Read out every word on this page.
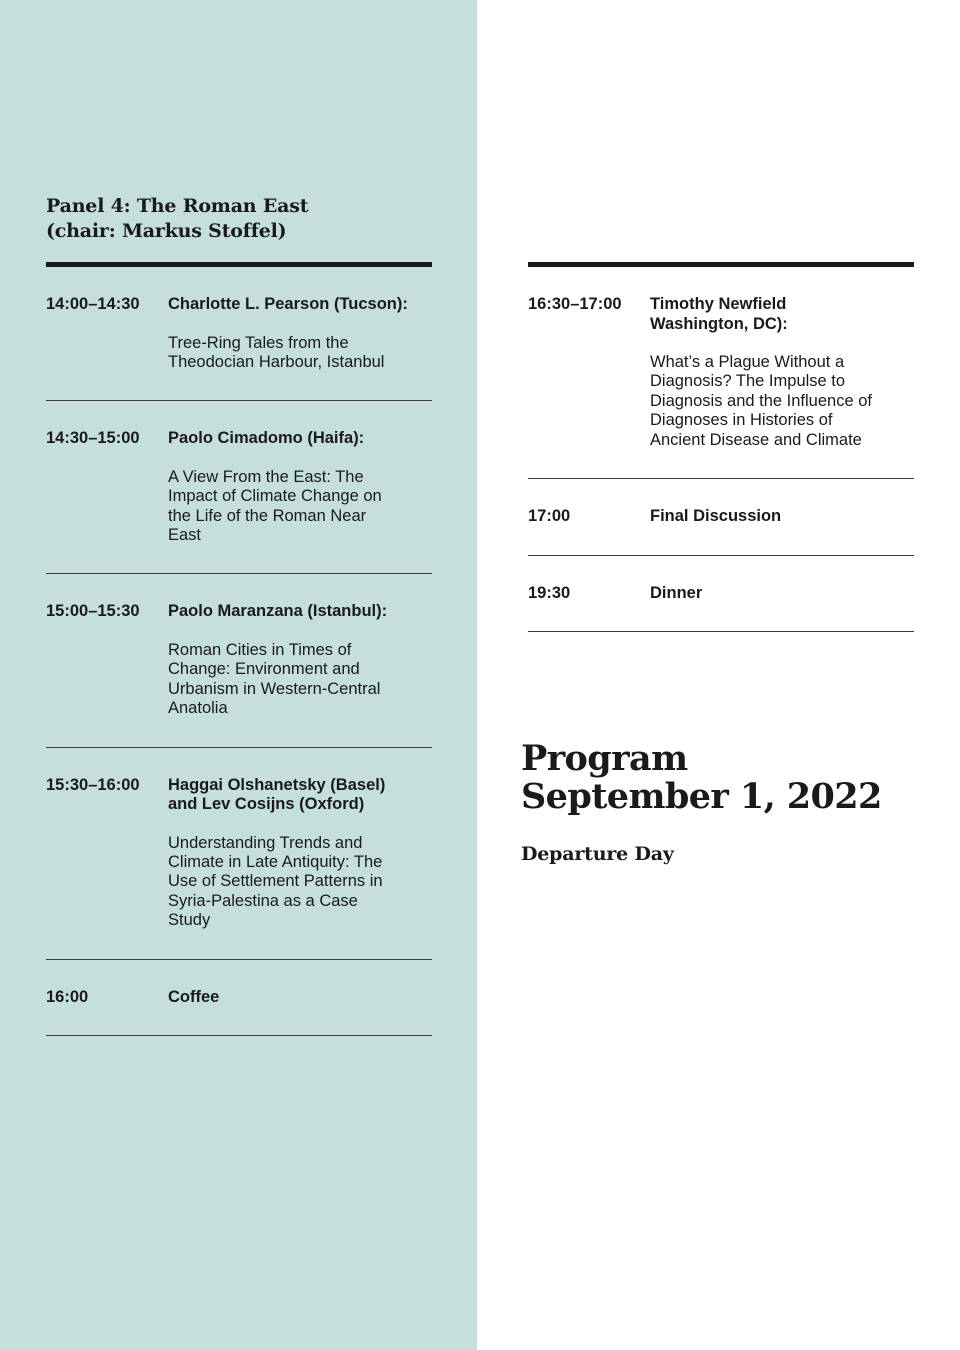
Panel 4: The Roman East
(chair: Markus Stoffel)
14:00–14:30	Charlotte L. Pearson (Tucson):
Tree-Ring Tales from the
Theodocian Harbour, Istanbul
14:30–15:00	Paolo Cimadomo (Haifa):
A View From the East: The
Impact of Climate Change on
the Life of the Roman Near
East
15:00–15:30	Paolo Maranzana (Istanbul):
Roman Cities in Times of
Change: Environment and
Urbanism in Western-Central
Anatolia
15:30–16:00	Haggai Olshanetsky (Basel)
and Lev Cosijns (Oxford)
Understanding Trends and
Climate in Late Antiquity: The
Use of Settlement Patterns in
Syria-Palestina as a Case
Study
16:00	Coffee
16:30–17:00	Timothy Newfield
Washington, DC):
What’s a Plague Without a
Diagnosis? The Impulse to
Diagnosis and the Influence of
Diagnoses in Histories of
Ancient Disease and Climate
17:00	Final Discussion
19:30	Dinner
Program
September 1, 2022
Departure Day
